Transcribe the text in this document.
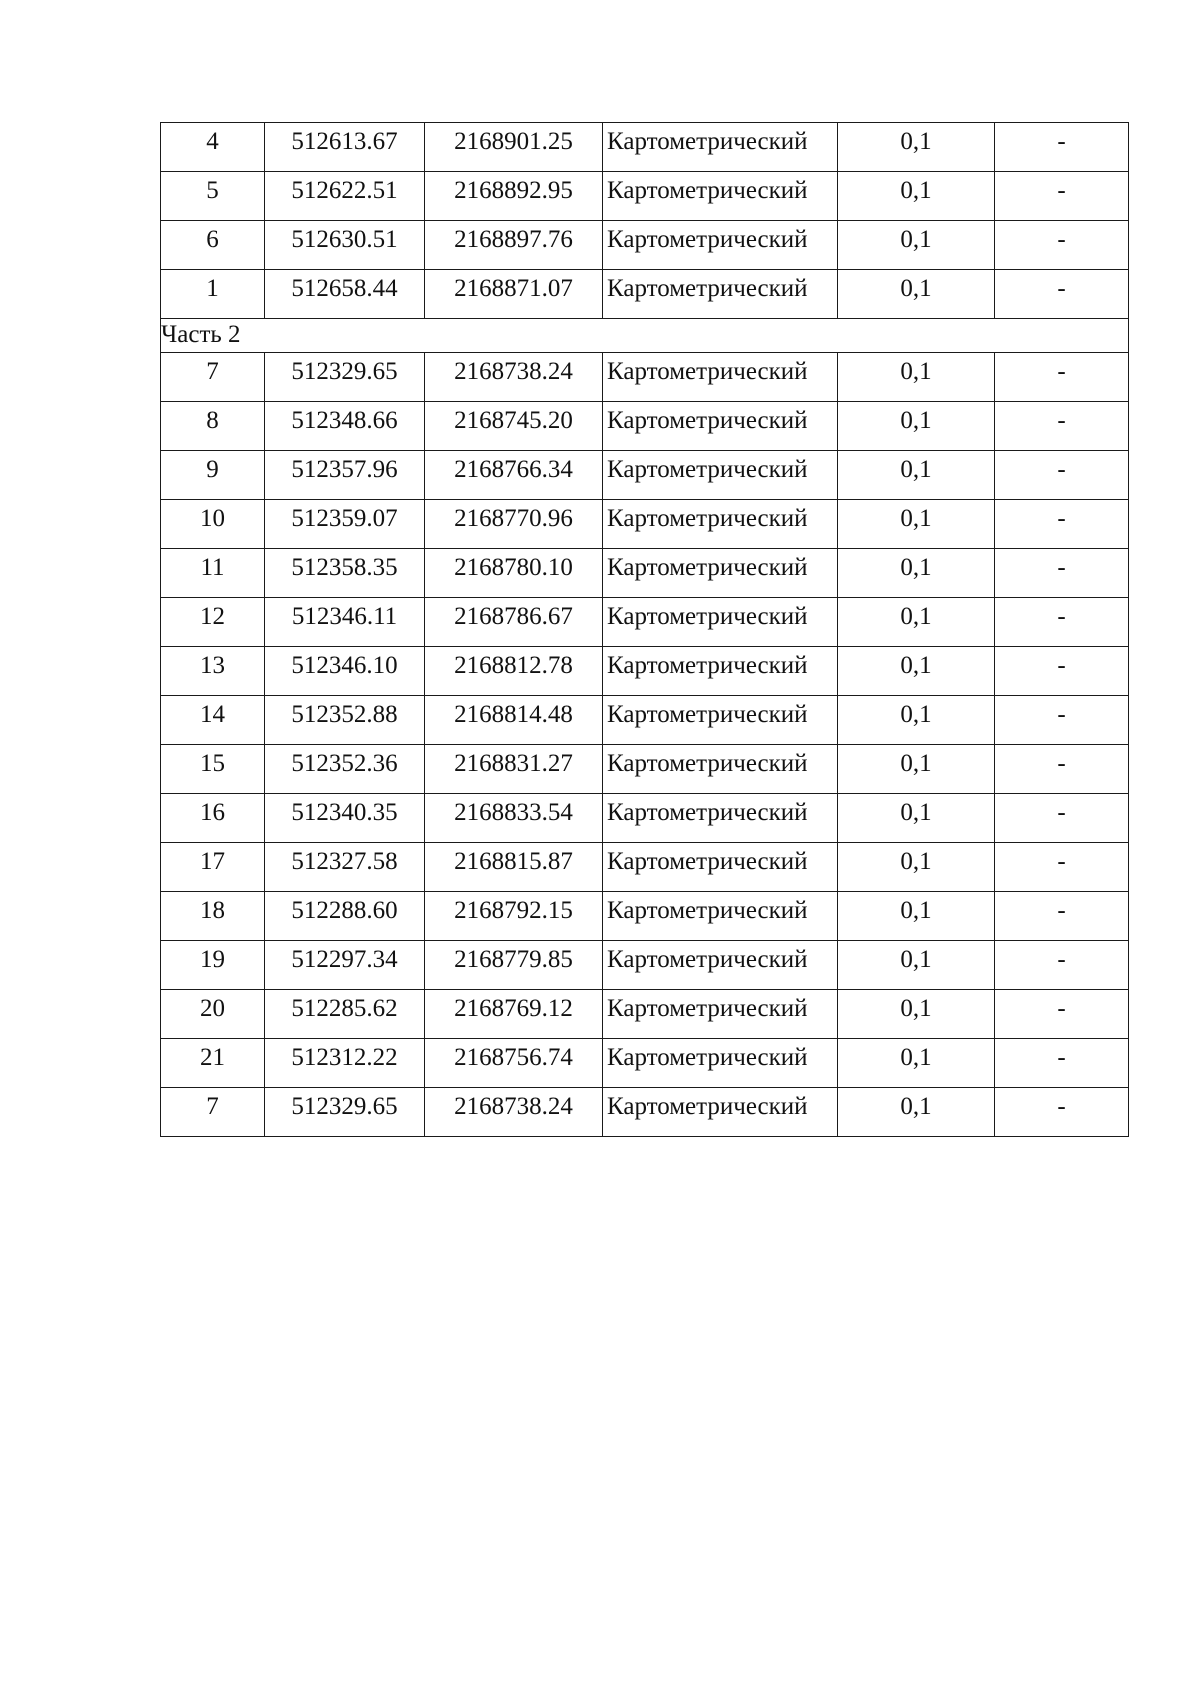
4	512613.67	2168901.25	Картометрический	0,1	-
5	512622.51	2168892.95	Картометрический	0,1	-
6	512630.51	2168897.76	Картометрический	0,1	-
1	512658.44	2168871.07	Картометрический	0,1	-
Часть 2					
7	512329.65	2168738.24	Картометрический	0,1	-
8	512348.66	2168745.20	Картометрический	0,1	-
9	512357.96	2168766.34	Картометрический	0,1	-
10	512359.07	2168770.96	Картометрический	0,1	-
11	512358.35	2168780.10	Картометрический	0,1	-
12	512346.11	2168786.67	Картометрический	0,1	-
13	512346.10	2168812.78	Картометрический	0,1	-
14	512352.88	2168814.48	Картометрический	0,1	-
15	512352.36	2168831.27	Картометрический	0,1	-
16	512340.35	2168833.54	Картометрический	0,1	-
17	512327.58	2168815.87	Картометрический	0,1	-
18	512288.60	2168792.15	Картометрический	0,1	-
19	512297.34	2168779.85	Картометрический	0,1	-
20	512285.62	2168769.12	Картометрический	0,1	-
21	512312.22	2168756.74	Картометрический	0,1	-
7	512329.65	2168738.24	Картометрический	0,1	-
